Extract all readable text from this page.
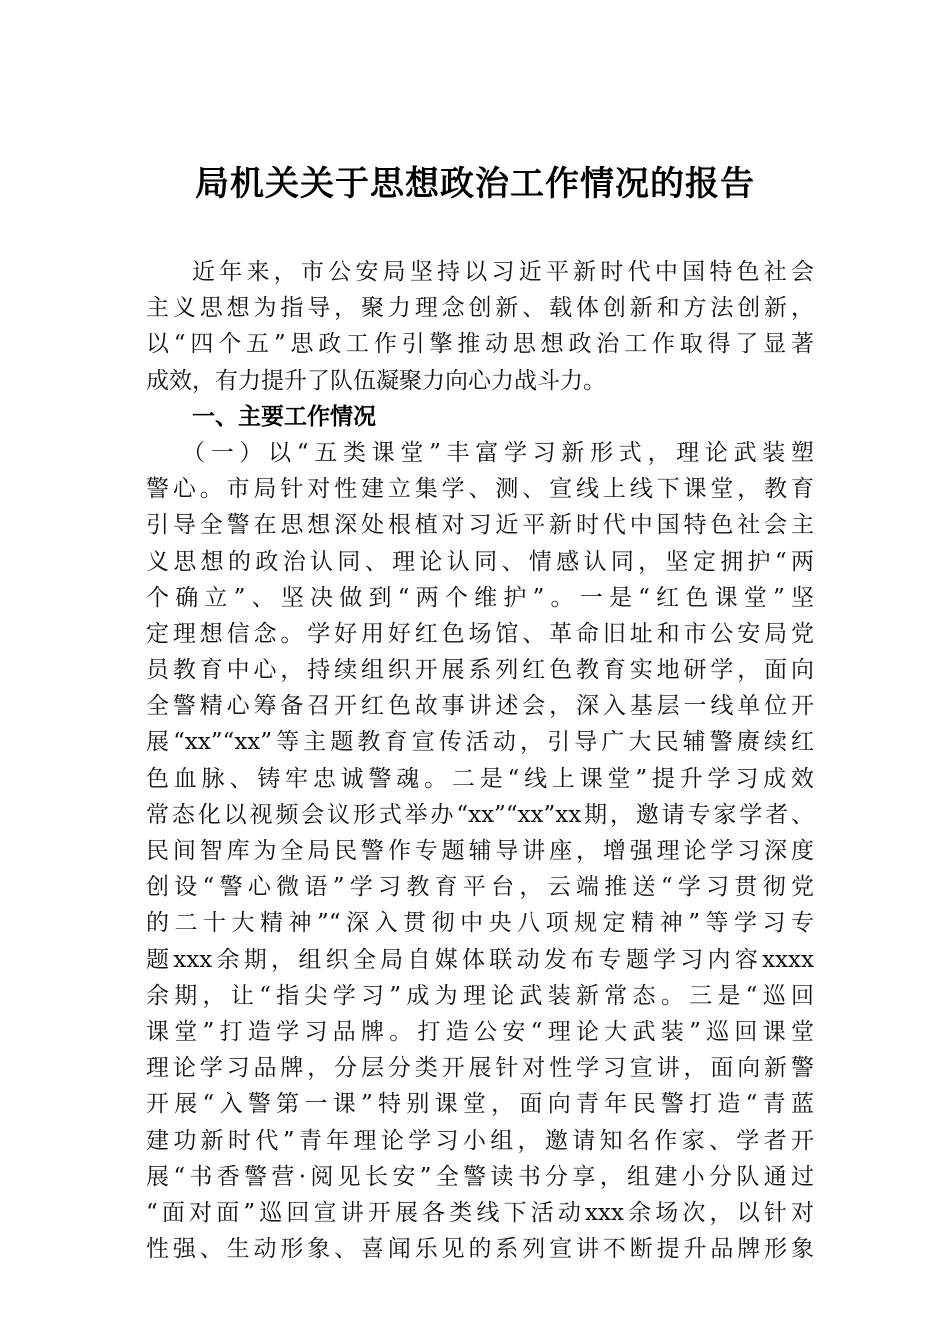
局机关关于思想政治工作情况的报告
近年来，市公安局坚持以习近平新时代中国特色社会
主义思想为指导，聚力理念创新、载体创新和方法创新，
以“四个五”思政工作引擎推动思想政治工作取得了显著
成效，有力提升了队伍凝聚力向心力战斗力。
一、主要工作情况
（一）以“五类课堂”丰富学习新形式，理论武装塑
警心。市局针对性建立集学、测、宣线上线下课堂，教育
引导全警在思想深处根植对习近平新时代中国特色社会主
义思想的政治认同、理论认同、情感认同，坚定拥护“两
个确立”、坚决做到“两个维护”。一是“红色课堂”坚
定理想信念。学好用好红色场馆、革命旧址和市公安局党
员教育中心，持续组织开展系列红色教育实地研学，面向
全警精心筹备召开红色故事讲述会，深入基层一线单位开
展“xx”“xx”等主题教育宣传活动，引导广大民辅警赓续红
色血脉、铸牢忠诚警魂。二是“线上课堂”提升学习成效
常态化以视频会议形式举办“xx”“xx”xx期，邀请专家学者、
民间智库为全局民警作专题辅导讲座，增强理论学习深度
创设“警心微语”学习教育平台，云端推送“学习贯彻党
的二十大精神”“深入贯彻中央八项规定精神”等学习专
题xxx余期，组织全局自媒体联动发布专题学习内容xxxx
余期，让“指尖学习”成为理论武装新常态。三是“巡回
课堂”打造学习品牌。打造公安“理论大武装”巡回课堂
理论学习品牌，分层分类开展针对性学习宣讲，面向新警
开展“入警第一课”特别课堂，面向青年民警打造“青蓝
建功新时代”青年理论学习小组，邀请知名作家、学者开
展“书香警营·阅见长安”全警读书分享，组建小分队通过
“面对面”巡回宣讲开展各类线下活动xxx余场次，以针对
性强、生动形象、喜闻乐见的系列宣讲不断提升品牌形象
